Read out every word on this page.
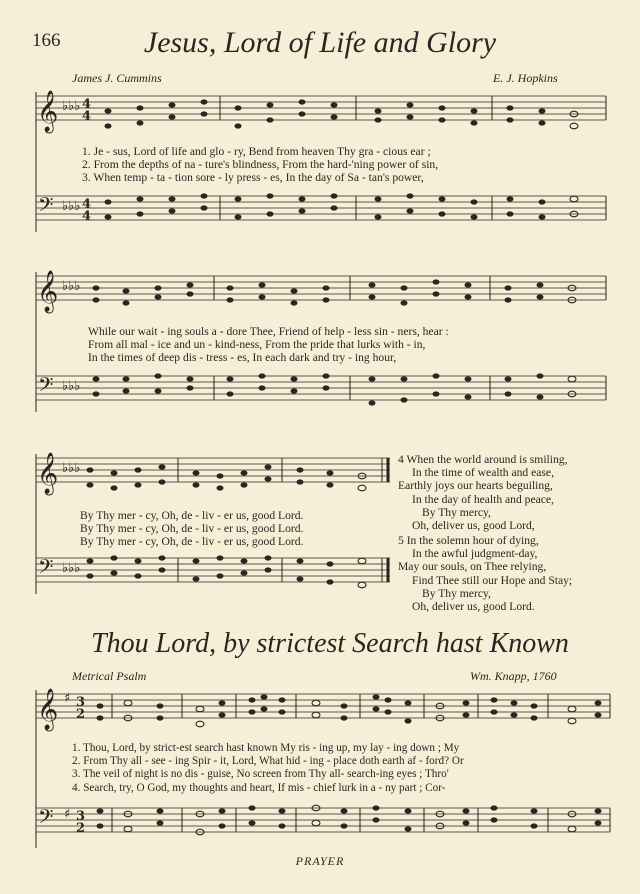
166	Jesus, Lord of Life and Glory
James J. Cummins	E. J. Hopkins
𝄞
𝄢
♭♭♭
♭♭♭
4
4
4
4
1. Je - sus, Lord of life and glo - ry, Bend from heaven Thy gra - cious ear ;
2. From the depths of na - ture's blindness, From the hard-'ning power of sin,
3. When temp - ta - tion sore - ly press - es, In the day of Sa - tan's power,
𝄞
𝄢
♭♭♭
♭♭♭
While our wait - ing souls a - dore Thee, Friend of help - less sin - ners, hear :
From all mal - ice and un - kind-ness, From the pride that lurks with - in,
In the times of deep dis - tress - es, In each dark and try - ing hour,
𝄞
𝄢
♭♭♭
♭♭♭
By Thy mer - cy, Oh, de - liv - er us, good Lord.
By Thy mer - cy, Oh, de - liv - er us, good Lord.
By Thy mer - cy, Oh, de - liv - er us, good Lord.
4 When the world around is smiling,
In the time of wealth and ease,
Earthly joys our hearts beguiling,
In the day of health and peace,
By Thy mercy,
Oh, deliver us, good Lord,
5 In the solemn hour of dying,
In the awful judgment-day,
May our souls, on Thee relying,
Find Thee still our Hope and Stay;
By Thy mercy,
Oh, deliver us, good Lord.
Thou Lord, by strictest Search hast Known
Metrical Psalm	Wm. Knapp, 1760
𝄞
𝄢
♯
♯
3
2
3
2
1. Thou, Lord, by strict-est search hast known My ris - ing up, my lay - ing down ; My
2. From Thy all - see - ing Spir - it, Lord, What hid - ing - place doth earth af - ford? Or
3. The veil of night is no dis - guise, No screen from Thy all- search-ing eyes ; Thro'
4. Search, try, O God, my thoughts and heart, If mis - chief lurk in a - ny part ; Cor-
PRAYER
